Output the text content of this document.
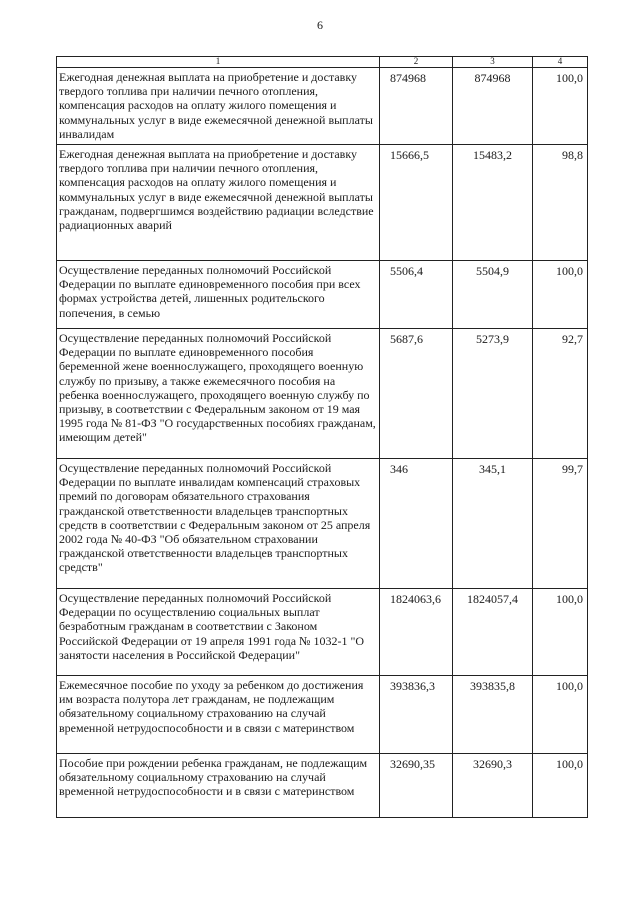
6
1	2	3	4
Ежегодная денежная выплата на приобретение и доставку твердого топлива при наличии печного отопления, компенсация расходов на оплату жилого помещения и коммунальных услуг в виде ежемесячной денежной выплаты инвалидам	874968	874968	100,0
Ежегодная денежная выплата на приобретение и доставку твердого топлива при наличии печного отопления, компенсация расходов на оплату жилого помещения и коммунальных услуг в виде ежемесячной денежной выплаты гражданам, подвергшимся воздействию радиации вследствие радиационных аварий	15666,5	15483,2	98,8
Осуществление переданных полномочий Российской Федерации по выплате единовременного пособия при всех формах устройства детей, лишенных родительского попечения, в семью	5506,4	5504,9	100,0
Осуществление переданных полномочий Российской Федерации по выплате единовременного пособия беременной жене военнослужащего, проходящего военную службу по призыву, а также ежемесячного пособия на ребенка военнослужащего, проходящего военную службу по призыву, в соответствии с Федеральным законом от 19 мая 1995 года № 81-ФЗ "О государственных пособиях гражданам, имеющим детей"	5687,6	5273,9	92,7
Осуществление переданных полномочий Российской Федерации по выплате инвалидам компенсаций страховых премий по договорам обязательного страхования гражданской ответственности владельцев транспортных средств в соответствии с Федеральным законом от 25 апреля 2002 года № 40-ФЗ "Об обязательном страховании гражданской ответственности владельцев транспортных средств"	346	345,1	99,7
Осуществление переданных полномочий Российской Федерации по осуществлению социальных выплат безработным гражданам в соответствии с Законом Российской Федерации от 19 апреля 1991 года № 1032-1 "О занятости населения в Российской Федерации"	1824063,6	1824057,4	100,0
Ежемесячное пособие по уходу за ребенком до достижения им возраста полутора лет гражданам, не подлежащим обязательному социальному страхованию на случай временной нетрудоспособности и в связи с материнством	393836,3	393835,8	100,0
Пособие при рождении ребенка гражданам, не подлежащим обязательному социальному страхованию на случай временной нетрудоспособности и в связи с материнством	32690,35	32690,3	100,0
